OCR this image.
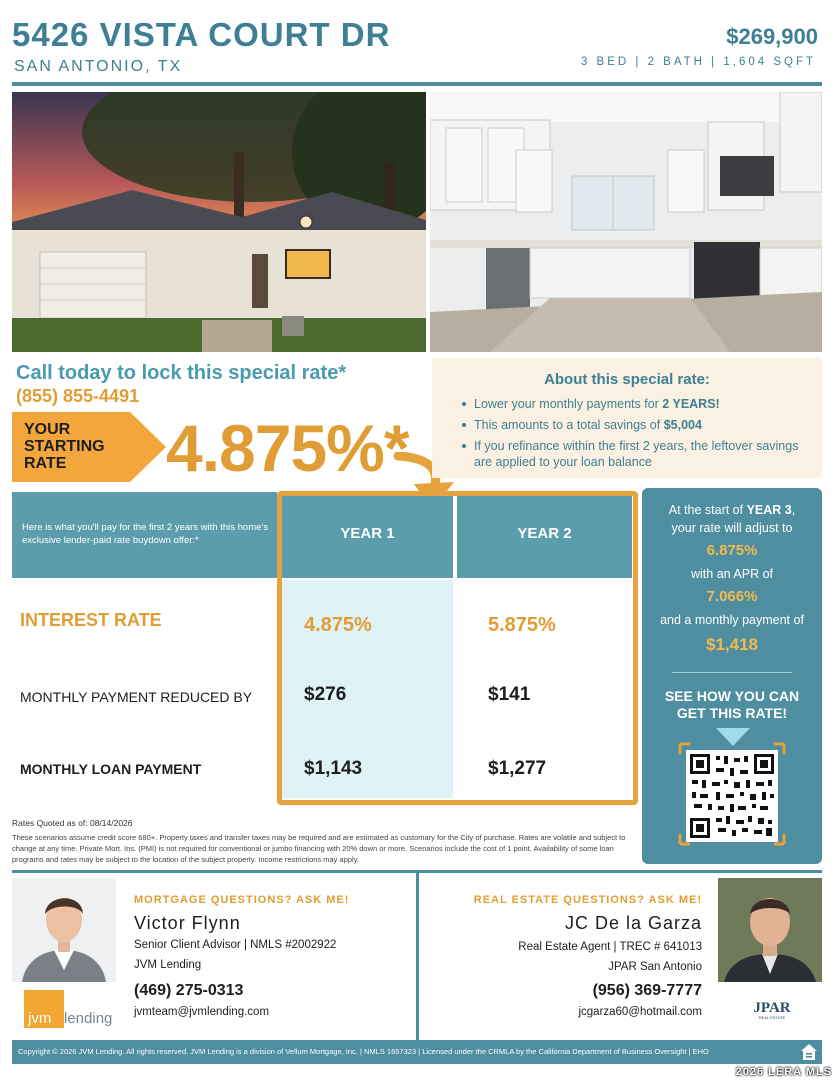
5426 VISTA COURT DR
SAN ANTONIO, TX
$269,900
3 BED | 2 BATH | 1,604 SQFT
Call today to lock this special rate*
(855) 855-4491
YOUR
STARTING
RATE	4.875%*
About this special rate:
Lower your monthly payments for 2 YEARS!
This amounts to a total savings of $5,004
If you refinance within the first 2 years, the leftover savings are applied to your loan balance
Here is what you'll pay for the first 2 years with this home's exclusive lender-paid rate buydown offer:*	YEAR 1	YEAR 2
INTEREST RATE	4.875%	5.875%
MONTHLY PAYMENT REDUCED BY	$276	$141
MONTHLY LOAN PAYMENT	$1,143	$1,277
At the start of YEAR 3,
your rate will adjust to
6.875%
with an APR of
7.066%
and a monthly payment of
$1,418
SEE HOW YOU CAN
GET THIS RATE!
Rates Quoted as of: 08/14/2026
These scenarios assume credit score 680+. Property taxes and transfer taxes may be required and are estimated as customary for the City of purchase. Rates are volatile and subject to change at any time. Private Mort. Ins. (PMI) is not required for conventional or jumbo financing with 20% down or more. Scenarios include the cost of 1 point. Availability of some loan programs and rates may be subject to the location of the subject property. Income restrictions may apply.
jvm lending
MORTGAGE QUESTIONS? ASK ME!
Victor Flynn
Senior Client Advisor | NMLS #2002922
JVM Lending
(469) 275-0313
jvmteam@jvmlending.com
REAL ESTATE QUESTIONS? ASK ME!
JC De la Garza
Real Estate Agent | TREC # 641013
JPAR San Antonio
(956) 369-7777
jcgarza60@hotmail.com	JPAR
REAL ESTATE
Copyright © 2026 JVM Lending. All rights reserved. JVM Lending is a division of Vellum Mortgage, Inc. | NMLS 1657323 | Licensed under the CRMLA by the California Department of Business Oversight | EHO
2026 LERA MLS
